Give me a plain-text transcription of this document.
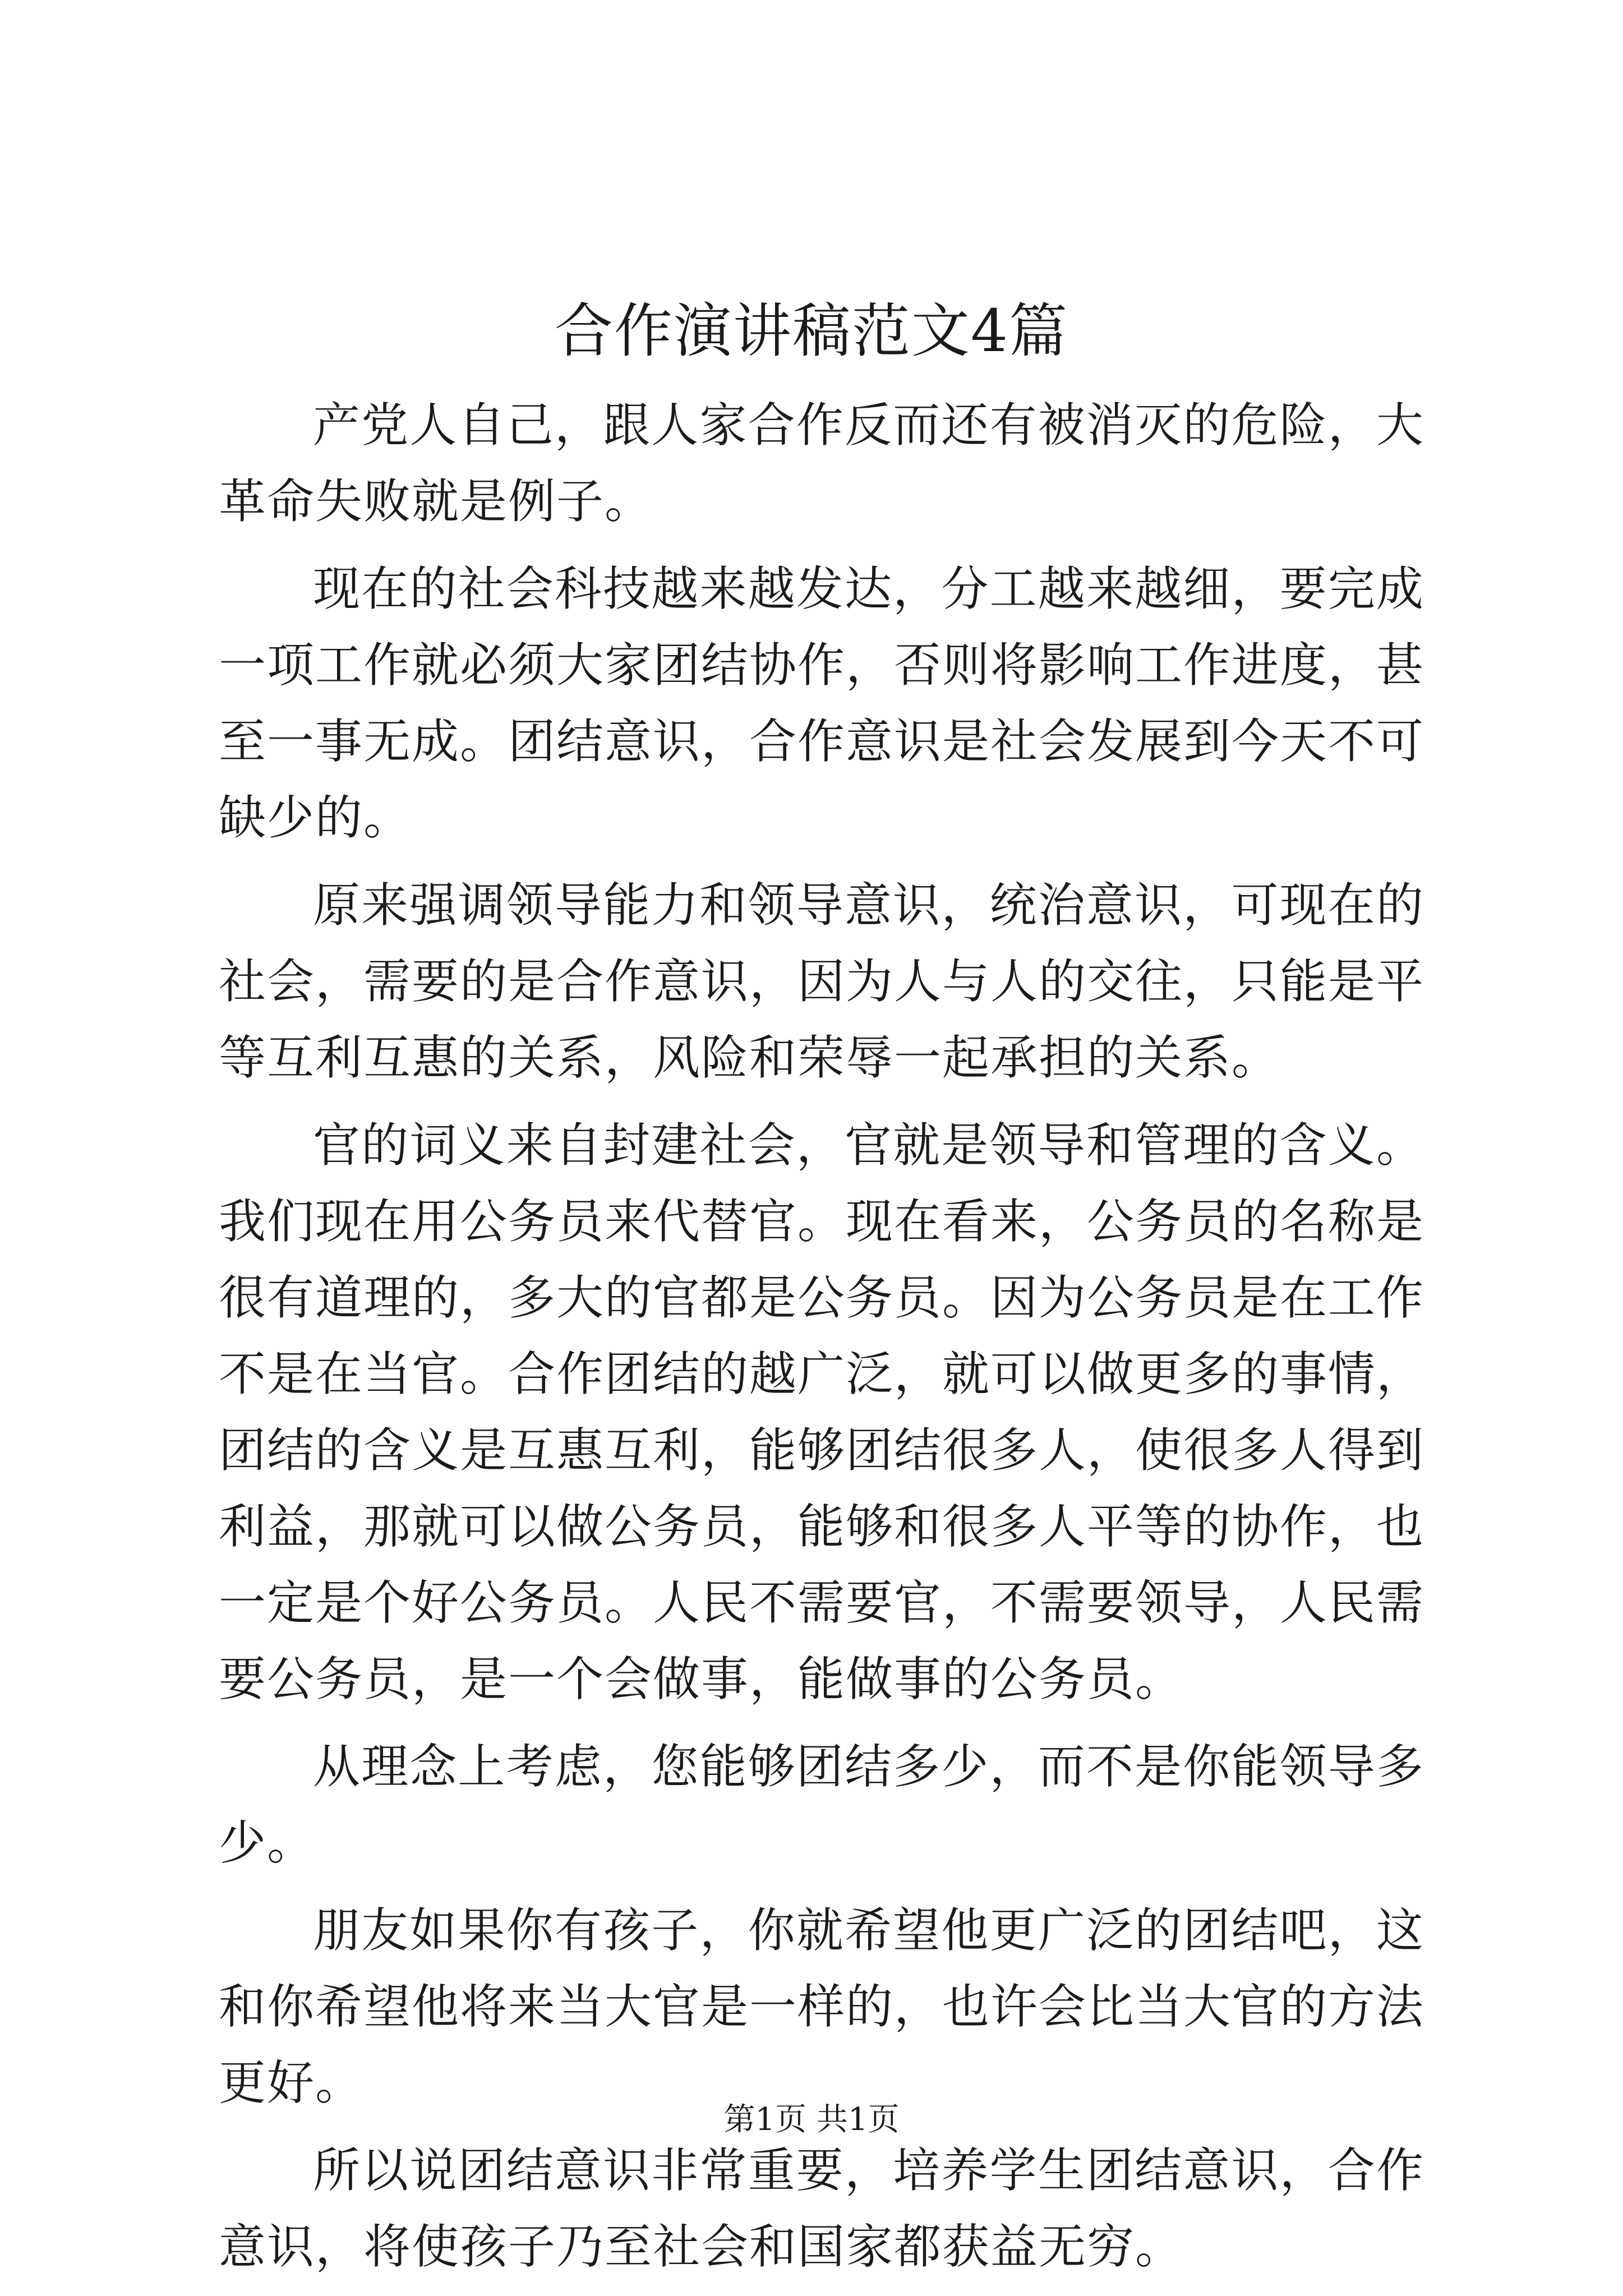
合作演讲稿范文4篇

产党人自己，跟人家合作反而还有被消灭的危险，大革命失败就是例子。

现在的社会科技越来越发达，分工越来越细，要完成一项工作就必须大家团结协作，否则将影响工作进度，甚至一事无成。团结意识，合作意识是社会发展到今天不可缺少的。

原来强调领导能力和领导意识，统治意识，可现在的社会，需要的是合作意识，因为人与人的交往，只能是平等互利互惠的关系，风险和荣辱一起承担的关系。

官的词义来自封建社会，官就是领导和管理的含义。我们现在用公务员来代替官。现在看来，公务员的名称是很有道理的，多大的官都是公务员。因为公务员是在工作不是在当官。合作团结的越广泛，就可以做更多的事情，团结的含义是互惠互利，能够团结很多人，使很多人得到利益，那就可以做公务员，能够和很多人平等的协作，也一定是个好公务员。人民不需要官，不需要领导，人民需要公务员，是一个会做事，能做事的公务员。

从理念上考虑，您能够团结多少，而不是你能领导多少。

朋友如果你有孩子，你就希望他更广泛的团结吧，这和你希望他将来当大官是一样的，也许会比当大官的方法更好。

所以说团结意识非常重要，培养学生团结意识，合作意识，将使孩子乃至社会和国家都获益无穷。

第1页 共1页
